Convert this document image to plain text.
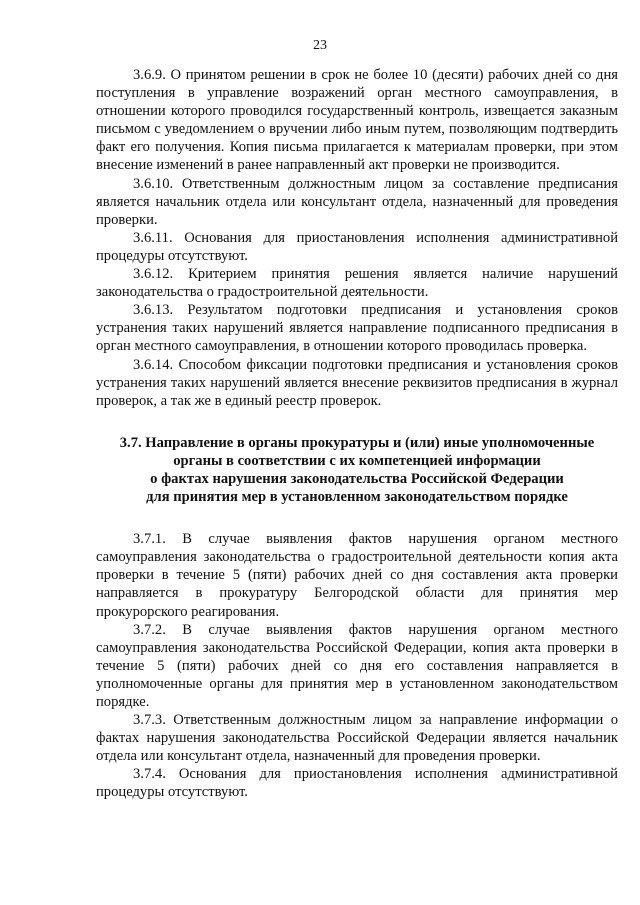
23

3.6.9. О принятом решении в срок не более 10 (десяти) рабочих дней со дня поступления в управление возражений орган местного самоуправления, в отношении которого проводился государственный контроль, извещается заказным письмом с уведомлением о вручении либо иным путем, позволяющим подтвердить факт его получения. Копия письма прилагается к материалам проверки, при этом внесение изменений в ранее направленный акт проверки не производится.

3.6.10. Ответственным должностным лицом за составление предписания является начальник отдела или консультант отдела, назначенный для проведения проверки.

3.6.11. Основания для приостановления исполнения административной процедуры отсутствуют.

3.6.12. Критерием принятия решения является наличие нарушений законодательства о градостроительной деятельности.

3.6.13. Результатом подготовки предписания и установления сроков устранения таких нарушений является направление подписанного предписания в орган местного самоуправления, в отношении которого проводилась проверка.

3.6.14. Способом фиксации подготовки предписания и установления сроков устранения таких нарушений является внесение реквизитов предписания в журнал проверок, а так же в единый реестр проверок.

3.7. Направление в органы прокуратуры и (или) иные уполномоченные
органы в соответствии с их компетенцией информации
о фактах нарушения законодательства Российской Федерации
для принятия мер в установленном законодательством порядке

3.7.1. В случае выявления фактов нарушения органом местного самоуправления законодательства о градостроительной деятельности копия акта проверки в течение 5 (пяти) рабочих дней со дня составления акта проверки направляется в прокуратуру Белгородской области для принятия мер прокурорского реагирования.

3.7.2. В случае выявления фактов нарушения органом местного самоуправления законодательства Российской Федерации, копия акта проверки в течение 5 (пяти) рабочих дней со дня его составления направляется в уполномоченные органы для принятия мер в установленном законодательством порядке.

3.7.3. Ответственным должностным лицом за направление информации о фактах нарушения законодательства Российской Федерации является начальник отдела или консультант отдела, назначенный для проведения проверки.

3.7.4. Основания для приостановления исполнения административной процедуры отсутствуют.
